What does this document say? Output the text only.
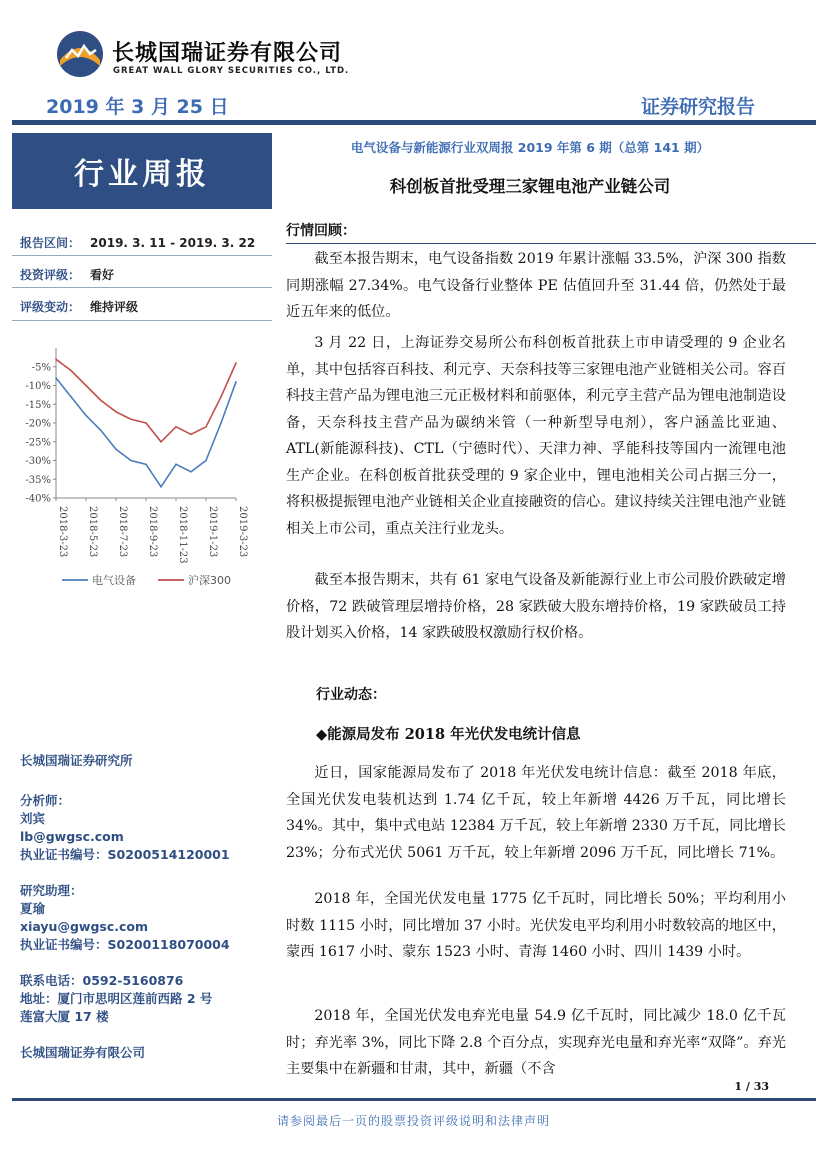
长城国瑞证券有限公司
GREAT WALL GLORY SECURITIES CO., LTD.
2019 年 3 月 25 日	证券研究报告
行业周报
电气设备与新能源行业双周报 2019 年第 6 期（总第 141 期）
科创板首批受理三家锂电池产业链公司
报告区间： 2019. 3. 11 - 2019. 3. 22
投资评级： 看好
评级变动： 维持评级
-5%
-10%
-15%
-20%
-25%
-30%
-35%
-40%
2018-3-23 2018-5-23 2018-7-23 2018-9-23 2018-11-23 2019-1-23 2019-3-23
电气设备	沪深300
长城国瑞证券研究所
分析师：
刘宾
lb@gwgsc.com
执业证书编号：S0200514120001
研究助理：
夏瑜
xiayu@gwgsc.com
执业证书编号：S0200118070004
联系电话：0592-5160876
地址：厦门市思明区莲前西路 2 号
莲富大厦 17 楼
长城国瑞证券有限公司
行情回顾：
截至本报告期末，电气设备指数 2019 年累计涨幅 33.5%，沪深 300 指数同期涨幅 27.34%。电气设备行业整体 PE 估值回升至 31.44 倍，仍然处于最近五年来的低位。
3 月 22 日，上海证券交易所公布科创板首批获上市申请受理的 9 企业名单，其中包括容百科技、利元亨、天奈科技等三家锂电池产业链相关公司。容百科技主营产品为锂电池三元正极材料和前驱体，利元亨主营产品为锂电池制造设备，天奈科技主营产品为碳纳米管（一种新型导电剂），客户涵盖比亚迪、ATL(新能源科技)、CTL（宁德时代）、天津力神、孚能科技等国内一流锂电池生产企业。在科创板首批获受理的 9 家企业中，锂电池相关公司占据三分一，将积极提振锂电池产业链相关企业直接融资的信心。建议持续关注锂电池产业链相关上市公司，重点关注行业龙头。
截至本报告期末，共有 61 家电气设备及新能源行业上市公司股价跌破定增价格，72 跌破管理层增持价格，28 家跌破大股东增持价格，19 家跌破员工持股计划买入价格，14 家跌破股权激励行权价格。
行业动态：
◆能源局发布 2018 年光伏发电统计信息
近日，国家能源局发布了 2018 年光伏发电统计信息：截至 2018 年底，全国光伏发电装机达到 1.74 亿千瓦，较上年新增 4426 万千瓦，同比增长 34%。其中，集中式电站 12384 万千瓦，较上年新增 2330 万千瓦，同比增长 23%；分布式光伏 5061 万千瓦，较上年新增 2096 万千瓦，同比增长 71%。
2018 年，全国光伏发电量 1775 亿千瓦时，同比增长 50%；平均利用小时数 1115 小时，同比增加 37 小时。光伏发电平均利用小时数较高的地区中，蒙西 1617 小时、蒙东 1523 小时、青海 1460 小时、四川 1439 小时。
2018 年，全国光伏发电弃光电量 54.9 亿千瓦时，同比减少 18.0 亿千瓦时；弃光率 3%，同比下降 2.8 个百分点，实现弃光电量和弃光率“双降”。弃光主要集中在新疆和甘肃，其中，新疆（不含
1 / 33
请参阅最后一页的股票投资评级说明和法律声明
